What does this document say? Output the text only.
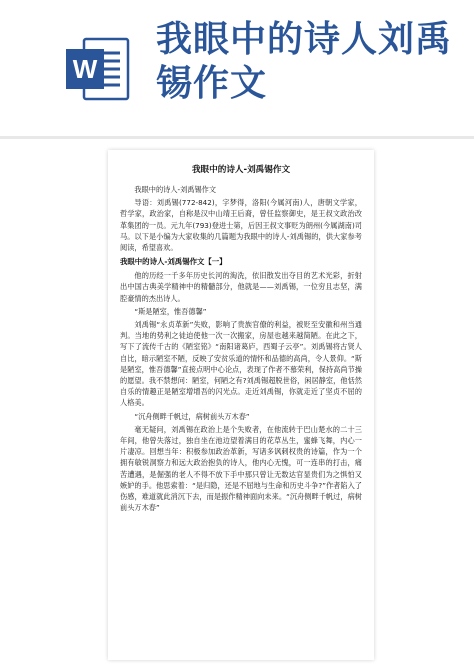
W
我眼中的诗人刘禹锡作文
我眼中的诗人-刘禹锡作文
我眼中的诗人-刘禹锡作文
导语：刘禹锡(772-842)，字梦得，洛阳(今属河南)人，唐朝文学家，哲学家，政治家，自称是汉中山靖王后裔，曾任监察御史，是王叔文政治改革集团的一员。元九年(793)登进士第，后因王叔文事贬为朗州(今属湖南)司马。以下是小编为大家收集的几篇题为我眼中的诗人-刘禹锡的，供大家参考阅读，希望喜欢。
我眼中的诗人-刘禹锡作文【一】
他的历经一千多年历史长河的淘洗，依旧散发出夺目的艺术光彩，折射出中国古典美学精神中的精髓部分，他就是——刘禹锡，一位穷且志坚，满腔豪情的杰出诗人。
“斯是陋室，惟吾德馨”
刘禹锡“永贞革新”失败，影响了贵族官僚的利益，被贬至安徽和州当通判。当地的势利之徒迫使他一次一次搬家，房屋也越来越简陋。在此之下，写下了流传千古的《陋室铭》“南阳诸葛庐，西蜀子云亭”。刘禹锡将古贤人自比，暗示陋室不陋，反映了安贫乐道的情怀和品德的高尚，令人景仰。“斯是陋室，惟吾德馨”直接点明中心论点，表现了作者不慕荣利，保持高尚节操的愿望。我不禁想问：陋室，何陋之有?刘禹锡超脱世俗，闲居静室，他恬然自乐的情趣正是陋室增增吾的闪光点。走近刘禹锡，你就走近了坚贞不屈的人格美。
“沉舟侧畔千帆过，病树前头万木春”
毫无疑问，刘禹锡在政治上是个失败者，在他流转于巴山楚水的二十三年间，他曾失落过，独自坐在池边望着满目的花草丛生，蜜蜂飞舞，内心一片凄凉。回想当年：积极参加政治革新，写诸多讽刺权贵的诗篇，作为一个拥有敏锐洞察力和远大政治抱负的诗人，他内心无愧，可一连串的打击，痛苦遭遇，是倔强的老人不得不放下手中那只曾让无数达官显贵们为之惧怕又嫉妒的手。他思索着：“是归隐，还是不屈地与生命和历史斗争?”作者陷入了伤感，难道就此消沉下去，而是振作精神面向未来。“沉舟侧畔千帆过，病树前头万木春”
